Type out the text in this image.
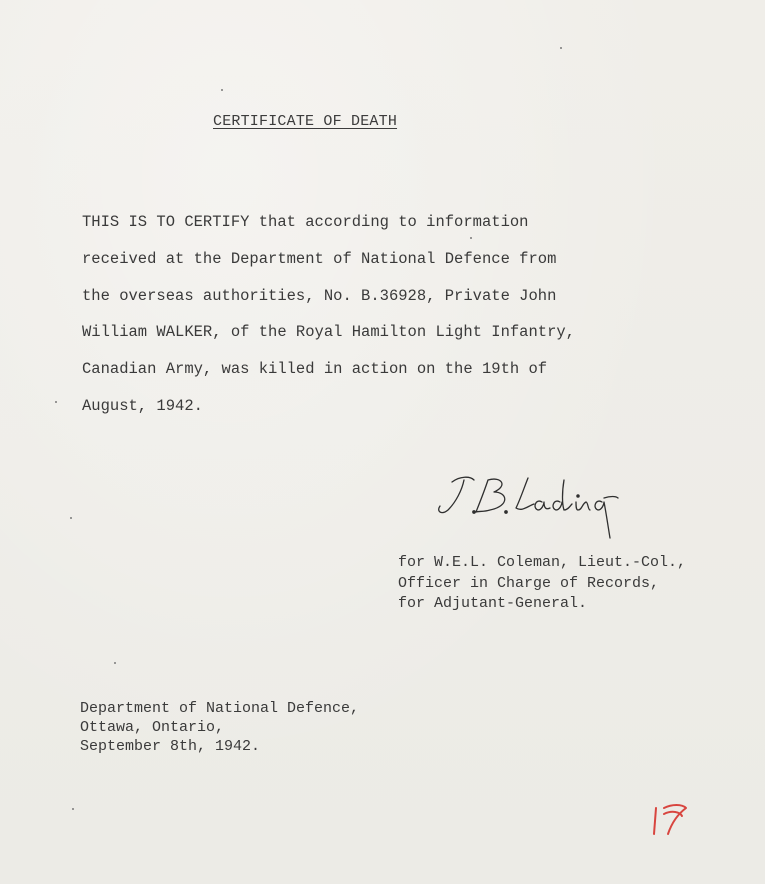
CERTIFICATE OF DEATH
THIS IS TO CERTIFY that according to information
received at the Department of National Defence from
the overseas authorities, No. B.36928, Private John
William WALKER, of the Royal Hamilton Light Infantry,
Canadian Army, was killed in action on the 19th of
August, 1942.
for W.E.L. Coleman, Lieut.-Col.,
Officer in Charge of Records,
for Adjutant-General.
Department of National Defence,
Ottawa, Ontario,
September 8th, 1942.
